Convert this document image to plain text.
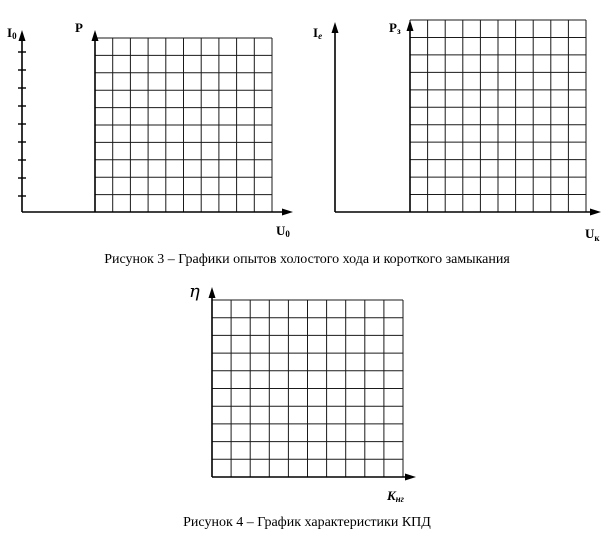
I0
P
U0
Ie
Pз
$U_к$
Рисунок 3 – Графики опытов холостого хода и короткого замыкания
η
Kнг
Рисунок 4 – График характеристики КПД
